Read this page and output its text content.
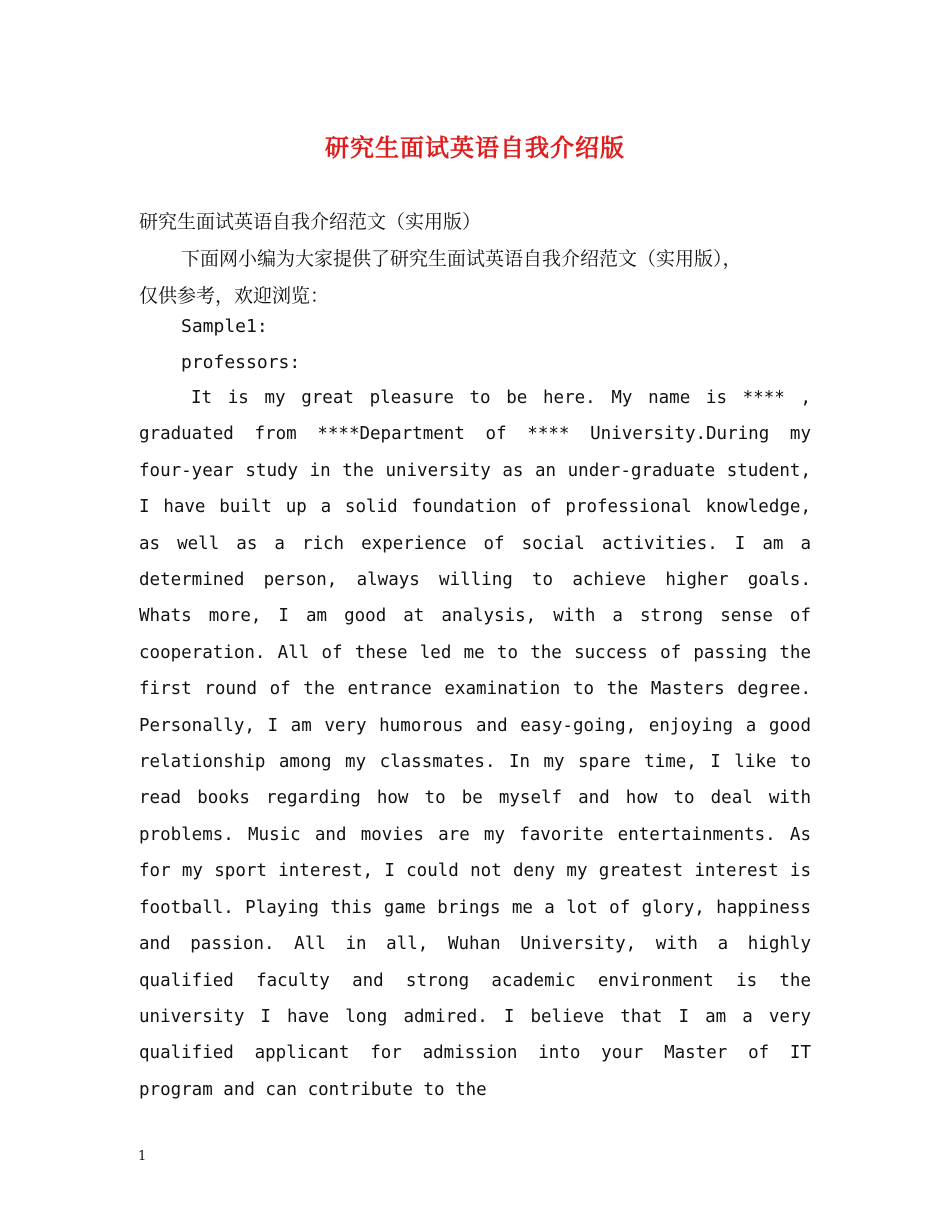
研究生面试英语自我介绍版
研究生面试英语自我介绍范文（实用版）
下面网小编为大家提供了研究生面试英语自我介绍范文（实用版），
仅供参考，欢迎浏览：
Sample1:
professors:
It is my great pleasure to be here. My name is **** , graduated from ****Department of **** University.During my four-year study in the university as an under-graduate student, I have built up a solid foundation of professional knowledge, as well as a rich experience of social activities. I am a determined person, always willing to achieve higher goals. Whats more, I am good at analysis, with a strong sense of cooperation. All of these led me to the success of passing the first round of the entrance examination to the Masters degree. Personally, I am very humorous and easy-going, enjoying a good relationship among my classmates. In my spare time, I like to read books regarding how to be myself and how to deal with problems. Music and movies are my favorite entertainments. As for my sport interest, I could not deny my greatest interest is football. Playing this game brings me a lot of glory, happiness and passion. All in all, Wuhan University, with a highly qualified faculty and strong academic environment is the university I have long admired. I believe that I am a very qualified applicant for admission into your Master of IT program and can contribute to the
1
